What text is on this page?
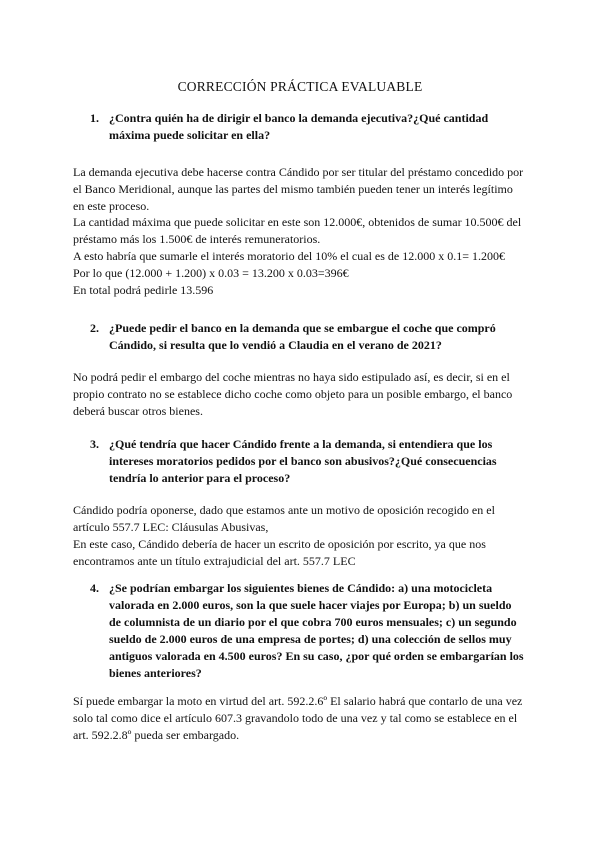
CORRECCIÓN PRÁCTICA EVALUABLE
1. ¿Contra quién ha de dirigir el banco la demanda ejecutiva?¿Qué cantidad
máxima puede solicitar en ella?
La demanda ejecutiva debe hacerse contra Cándido por ser titular del préstamo concedido por
el Banco Meridional, aunque las partes del mismo también pueden tener un interés legítimo
en este proceso.
La cantidad máxima que puede solicitar en este son 12.000€, obtenidos de sumar 10.500€ del
préstamo más los 1.500€ de interés remuneratorios.
A esto habría que sumarle el interés moratorio del 10% el cual es de 12.000 x 0.1= 1.200€
Por lo que (12.000 + 1.200) x 0.03 = 13.200 x 0.03=396€
En total podrá pedirle 13.596
2. ¿Puede pedir el banco en la demanda que se embargue el coche que compró
Cándido, si resulta que lo vendió a Claudia en el verano de 2021?
No podrá pedir el embargo del coche mientras no haya sido estipulado así, es decir, si en el
propio contrato no se establece dicho coche como objeto para un posible embargo, el banco
deberá buscar otros bienes.
3. ¿Qué tendría que hacer Cándido frente a la demanda, si entendiera que los
intereses moratorios pedidos por el banco son abusivos?¿Qué consecuencias
tendría lo anterior para el proceso?
Cándido podría oponerse, dado que estamos ante un motivo de oposición recogido en el
artículo 557.7 LEC: Cláusulas Abusivas,
En este caso, Cándido debería de hacer un escrito de oposición por escrito, ya que nos
encontramos ante un título extrajudicial del art. 557.7 LEC
4. ¿Se podrían embargar los siguientes bienes de Cándido: a) una motocicleta
valorada en 2.000 euros, son la que suele hacer viajes por Europa; b) un sueldo
de columnista de un diario por el que cobra 700 euros mensuales; c) un segundo
sueldo de 2.000 euros de una empresa de portes; d) una colección de sellos muy
antiguos valorada en 4.500 euros? En su caso, ¿por qué orden se embargarían los
bienes anteriores?
Sí puede embargar la moto en virtud del art. 592.2.6º El salario habrá que contarlo de una vez
solo tal como dice el artículo 607.3 gravandolo todo de una vez y tal como se establece en el
art. 592.2.8º pueda ser embargado.
